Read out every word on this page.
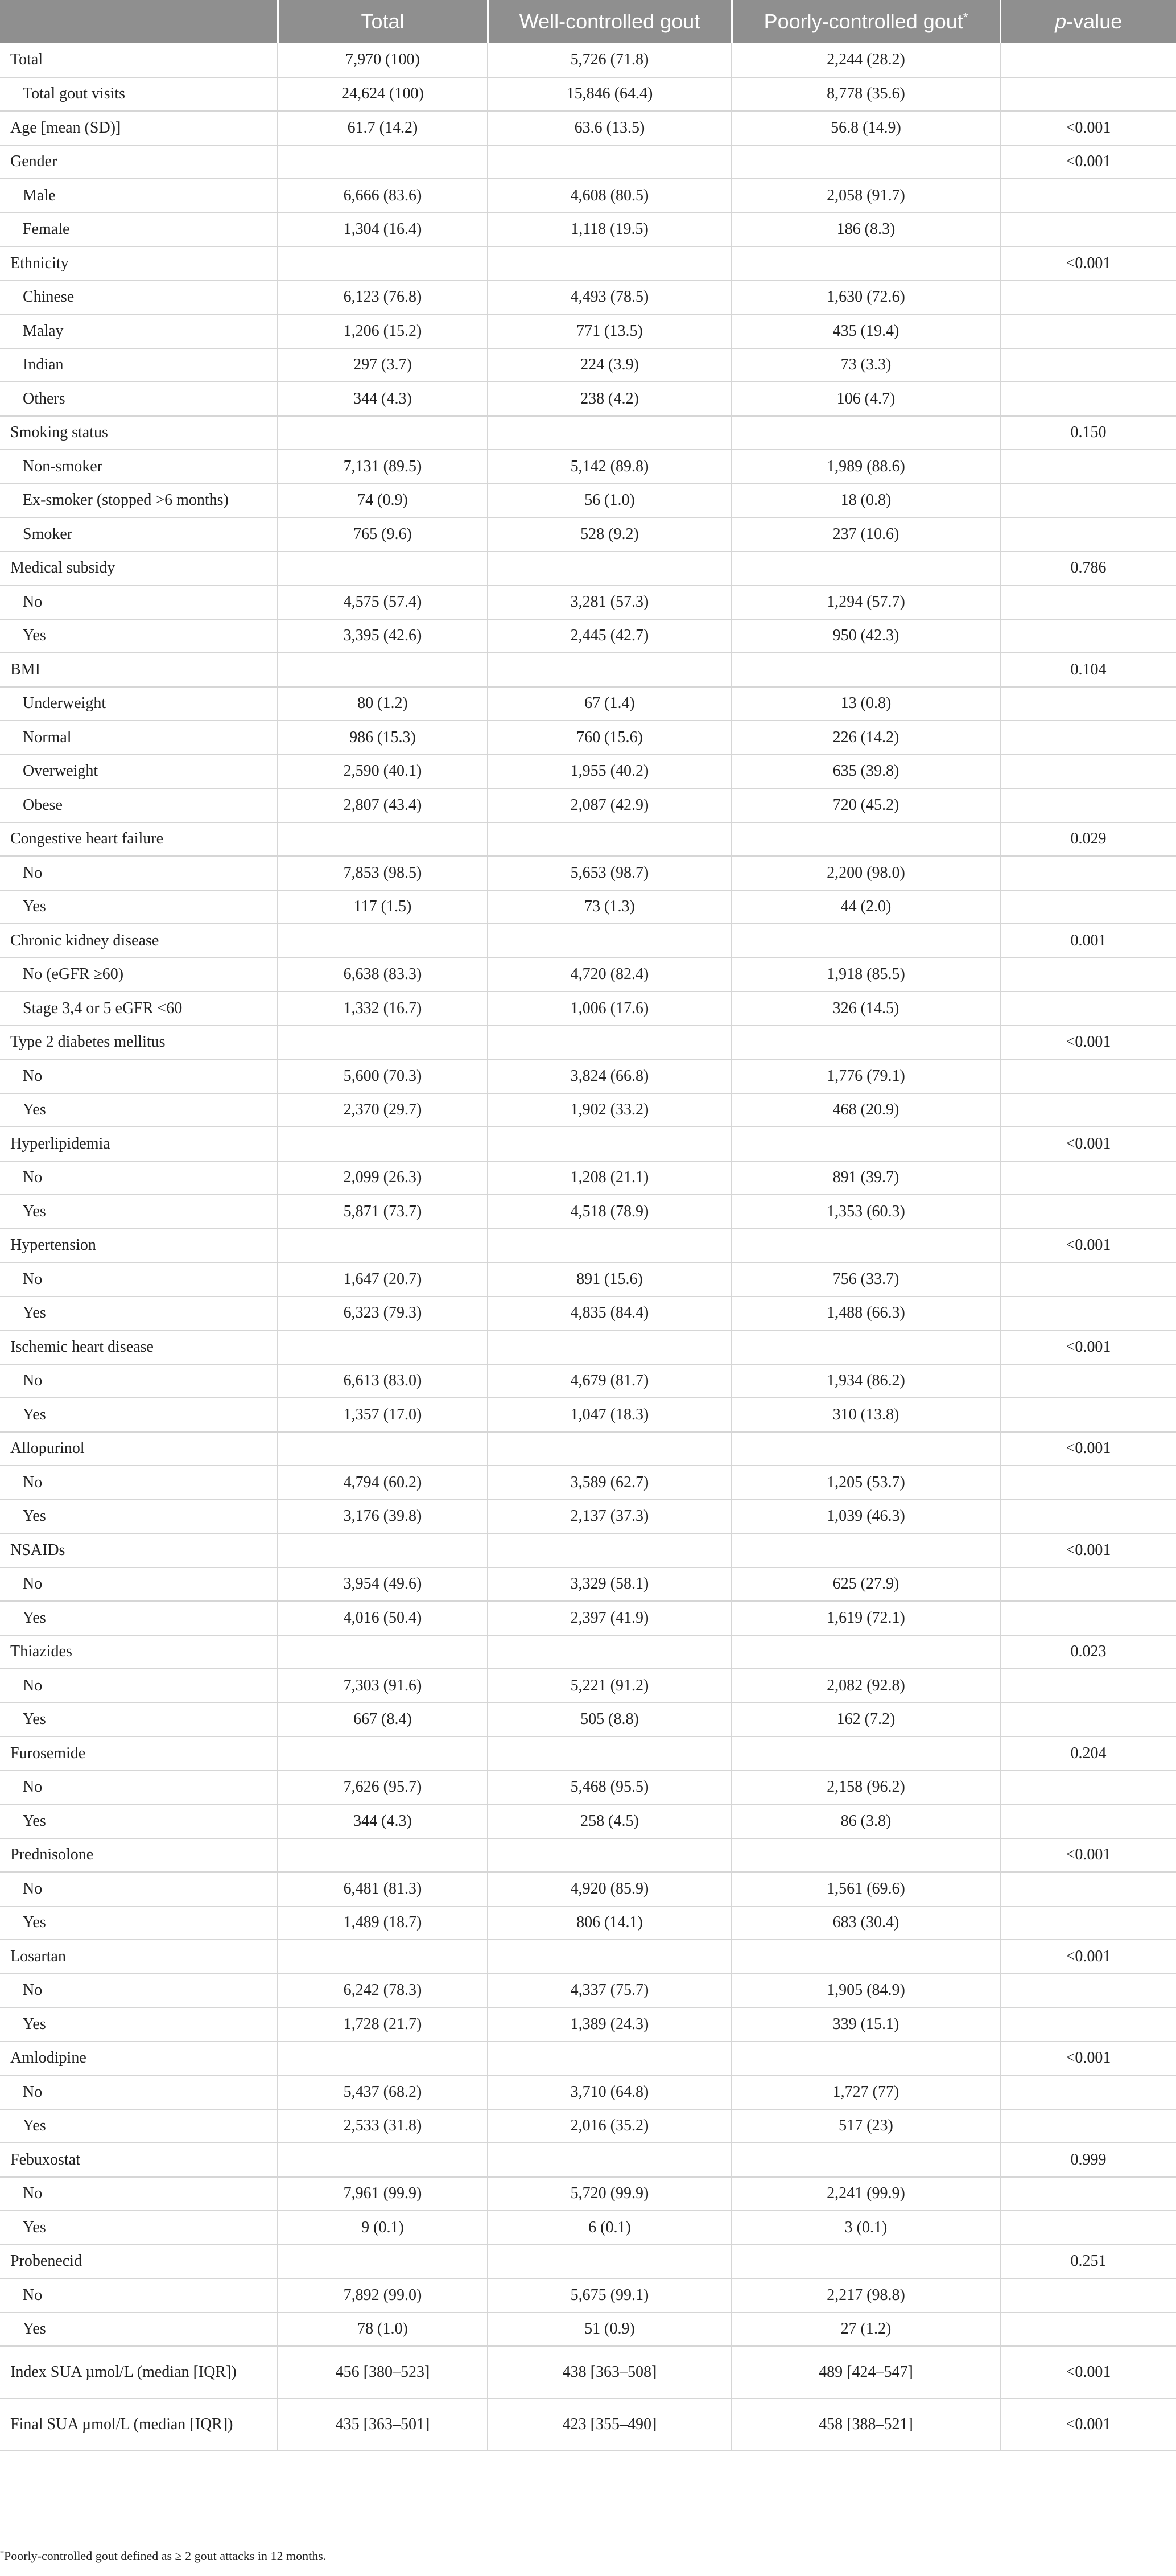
	Total	Well-controlled gout	Poorly-controlled gout*	p-value
Total	7,970 (100)	5,726 (71.8)	2,244 (28.2)	
Total gout visits	24,624 (100)	15,846 (64.4)	8,778 (35.6)	
Age [mean (SD)]	61.7 (14.2)	63.6 (13.5)	56.8 (14.9)	<0.001
Gender				<0.001
Male	6,666 (83.6)	4,608 (80.5)	2,058 (91.7)	
Female	1,304 (16.4)	1,118 (19.5)	186 (8.3)	
Ethnicity				<0.001
Chinese	6,123 (76.8)	4,493 (78.5)	1,630 (72.6)	
Malay	1,206 (15.2)	771 (13.5)	435 (19.4)	
Indian	297 (3.7)	224 (3.9)	73 (3.3)	
Others	344 (4.3)	238 (4.2)	106 (4.7)	
Smoking status				0.150
Non-smoker	7,131 (89.5)	5,142 (89.8)	1,989 (88.6)	
Ex-smoker (stopped >6 months)	74 (0.9)	56 (1.0)	18 (0.8)	
Smoker	765 (9.6)	528 (9.2)	237 (10.6)	
Medical subsidy				0.786
No	4,575 (57.4)	3,281 (57.3)	1,294 (57.7)	
Yes	3,395 (42.6)	2,445 (42.7)	950 (42.3)	
BMI				0.104
Underweight	80 (1.2)	67 (1.4)	13 (0.8)	
Normal	986 (15.3)	760 (15.6)	226 (14.2)	
Overweight	2,590 (40.1)	1,955 (40.2)	635 (39.8)	
Obese	2,807 (43.4)	2,087 (42.9)	720 (45.2)	
Congestive heart failure				0.029
No	7,853 (98.5)	5,653 (98.7)	2,200 (98.0)	
Yes	117 (1.5)	73 (1.3)	44 (2.0)	
Chronic kidney disease				0.001
No (eGFR ≥60)	6,638 (83.3)	4,720 (82.4)	1,918 (85.5)	
Stage 3,4 or 5 eGFR <60	1,332 (16.7)	1,006 (17.6)	326 (14.5)	
Type 2 diabetes mellitus				<0.001
No	5,600 (70.3)	3,824 (66.8)	1,776 (79.1)	
Yes	2,370 (29.7)	1,902 (33.2)	468 (20.9)	
Hyperlipidemia				<0.001
No	2,099 (26.3)	1,208 (21.1)	891 (39.7)	
Yes	5,871 (73.7)	4,518 (78.9)	1,353 (60.3)	
Hypertension				<0.001
No	1,647 (20.7)	891 (15.6)	756 (33.7)	
Yes	6,323 (79.3)	4,835 (84.4)	1,488 (66.3)	
Ischemic heart disease				<0.001
No	6,613 (83.0)	4,679 (81.7)	1,934 (86.2)	
Yes	1,357 (17.0)	1,047 (18.3)	310 (13.8)	
Allopurinol				<0.001
No	4,794 (60.2)	3,589 (62.7)	1,205 (53.7)	
Yes	3,176 (39.8)	2,137 (37.3)	1,039 (46.3)	
NSAIDs				<0.001
No	3,954 (49.6)	3,329 (58.1)	625 (27.9)	
Yes	4,016 (50.4)	2,397 (41.9)	1,619 (72.1)	
Thiazides				0.023
No	7,303 (91.6)	5,221 (91.2)	2,082 (92.8)	
Yes	667 (8.4)	505 (8.8)	162 (7.2)	
Furosemide				0.204
No	7,626 (95.7)	5,468 (95.5)	2,158 (96.2)	
Yes	344 (4.3)	258 (4.5)	86 (3.8)	
Prednisolone				<0.001
No	6,481 (81.3)	4,920 (85.9)	1,561 (69.6)	
Yes	1,489 (18.7)	806 (14.1)	683 (30.4)	
Losartan				<0.001
No	6,242 (78.3)	4,337 (75.7)	1,905 (84.9)	
Yes	1,728 (21.7)	1,389 (24.3)	339 (15.1)	
Amlodipine				<0.001
No	5,437 (68.2)	3,710 (64.8)	1,727 (77)	
Yes	2,533 (31.8)	2,016 (35.2)	517 (23)	
Febuxostat				0.999
No	7,961 (99.9)	5,720 (99.9)	2,241 (99.9)	
Yes	9 (0.1)	6 (0.1)	3 (0.1)	
Probenecid				0.251
No	7,892 (99.0)	5,675 (99.1)	2,217 (98.8)	
Yes	78 (1.0)	51 (0.9)	27 (1.2)	
Index SUA µmol/L (median [IQR])	456 [380–523]	438 [363–508]	489 [424–547]	<0.001
Final SUA µmol/L (median [IQR])	435 [363–501]	423 [355–490]	458 [388–521]	<0.001
*Poorly-controlled gout defined as ≥ 2 gout attacks in 12 months.
